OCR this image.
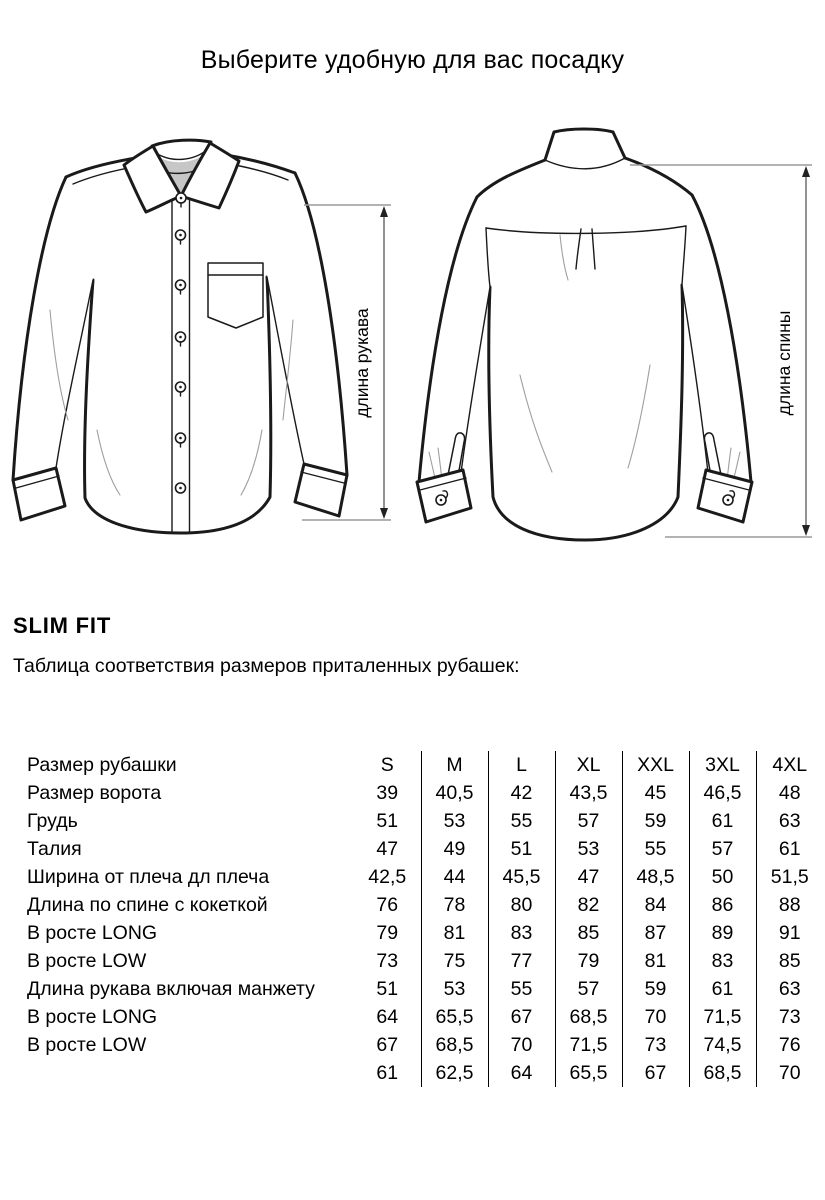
Выберите удобную для вас посадку
длина рукава	длина спины
SLIM FIT
Таблица соответствия размеров приталенных рубашек:
Размер рубашки	S	M	L	XL	XXL	3XL	4XL
Размер ворота	39	40,5	42	43,5	45	46,5	48
Грудь	51	53	55	57	59	61	63
Талия	47	49	51	53	55	57	61
Ширина от плеча дл плеча	42,5	44	45,5	47	48,5	50	51,5
Длина по спине с кокеткой	76	78	80	82	84	86	88
В росте LONG	79	81	83	85	87	89	91
В росте LOW	73	75	77	79	81	83	85
Длина рукава включая манжету	51	53	55	57	59	61	63
В росте LONG	64	65,5	67	68,5	70	71,5	73
В росте LOW	67	68,5	70	71,5	73	74,5	76
	61	62,5	64	65,5	67	68,5	70
